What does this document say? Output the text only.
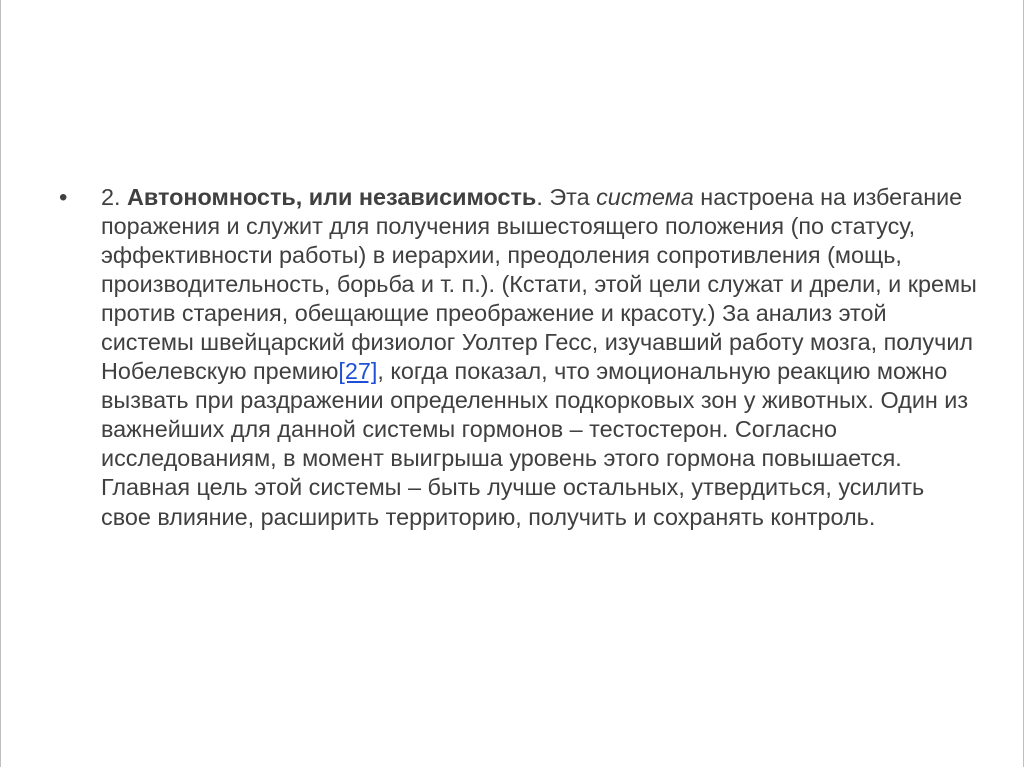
•	2. Автономность, или независимость. Эта система настроена на избегание поражения и служит для получения вышестоящего положения (по статусу, эффективности работы) в иерархии, преодоления сопротивления (мощь, производительность, борьба и т. п.). (Кстати, этой цели служат и дрели, и кремы против старения, обещающие преображение и красоту.) За анализ этой системы швейцарский физиолог Уолтер Гесс, изучавший работу мозга, получил Нобелевскую премию[27], когда показал, что эмоциональную реакцию можно вызвать при раздражении определенных подкорковых зон у животных. Один из важнейших для данной системы гормонов – тестостерон. Согласно исследованиям, в момент выигрыша уровень этого гормона повышается. Главная цель этой системы – быть лучше остальных, утвердиться, усилить свое влияние, расширить территорию, получить и сохранять контроль.
